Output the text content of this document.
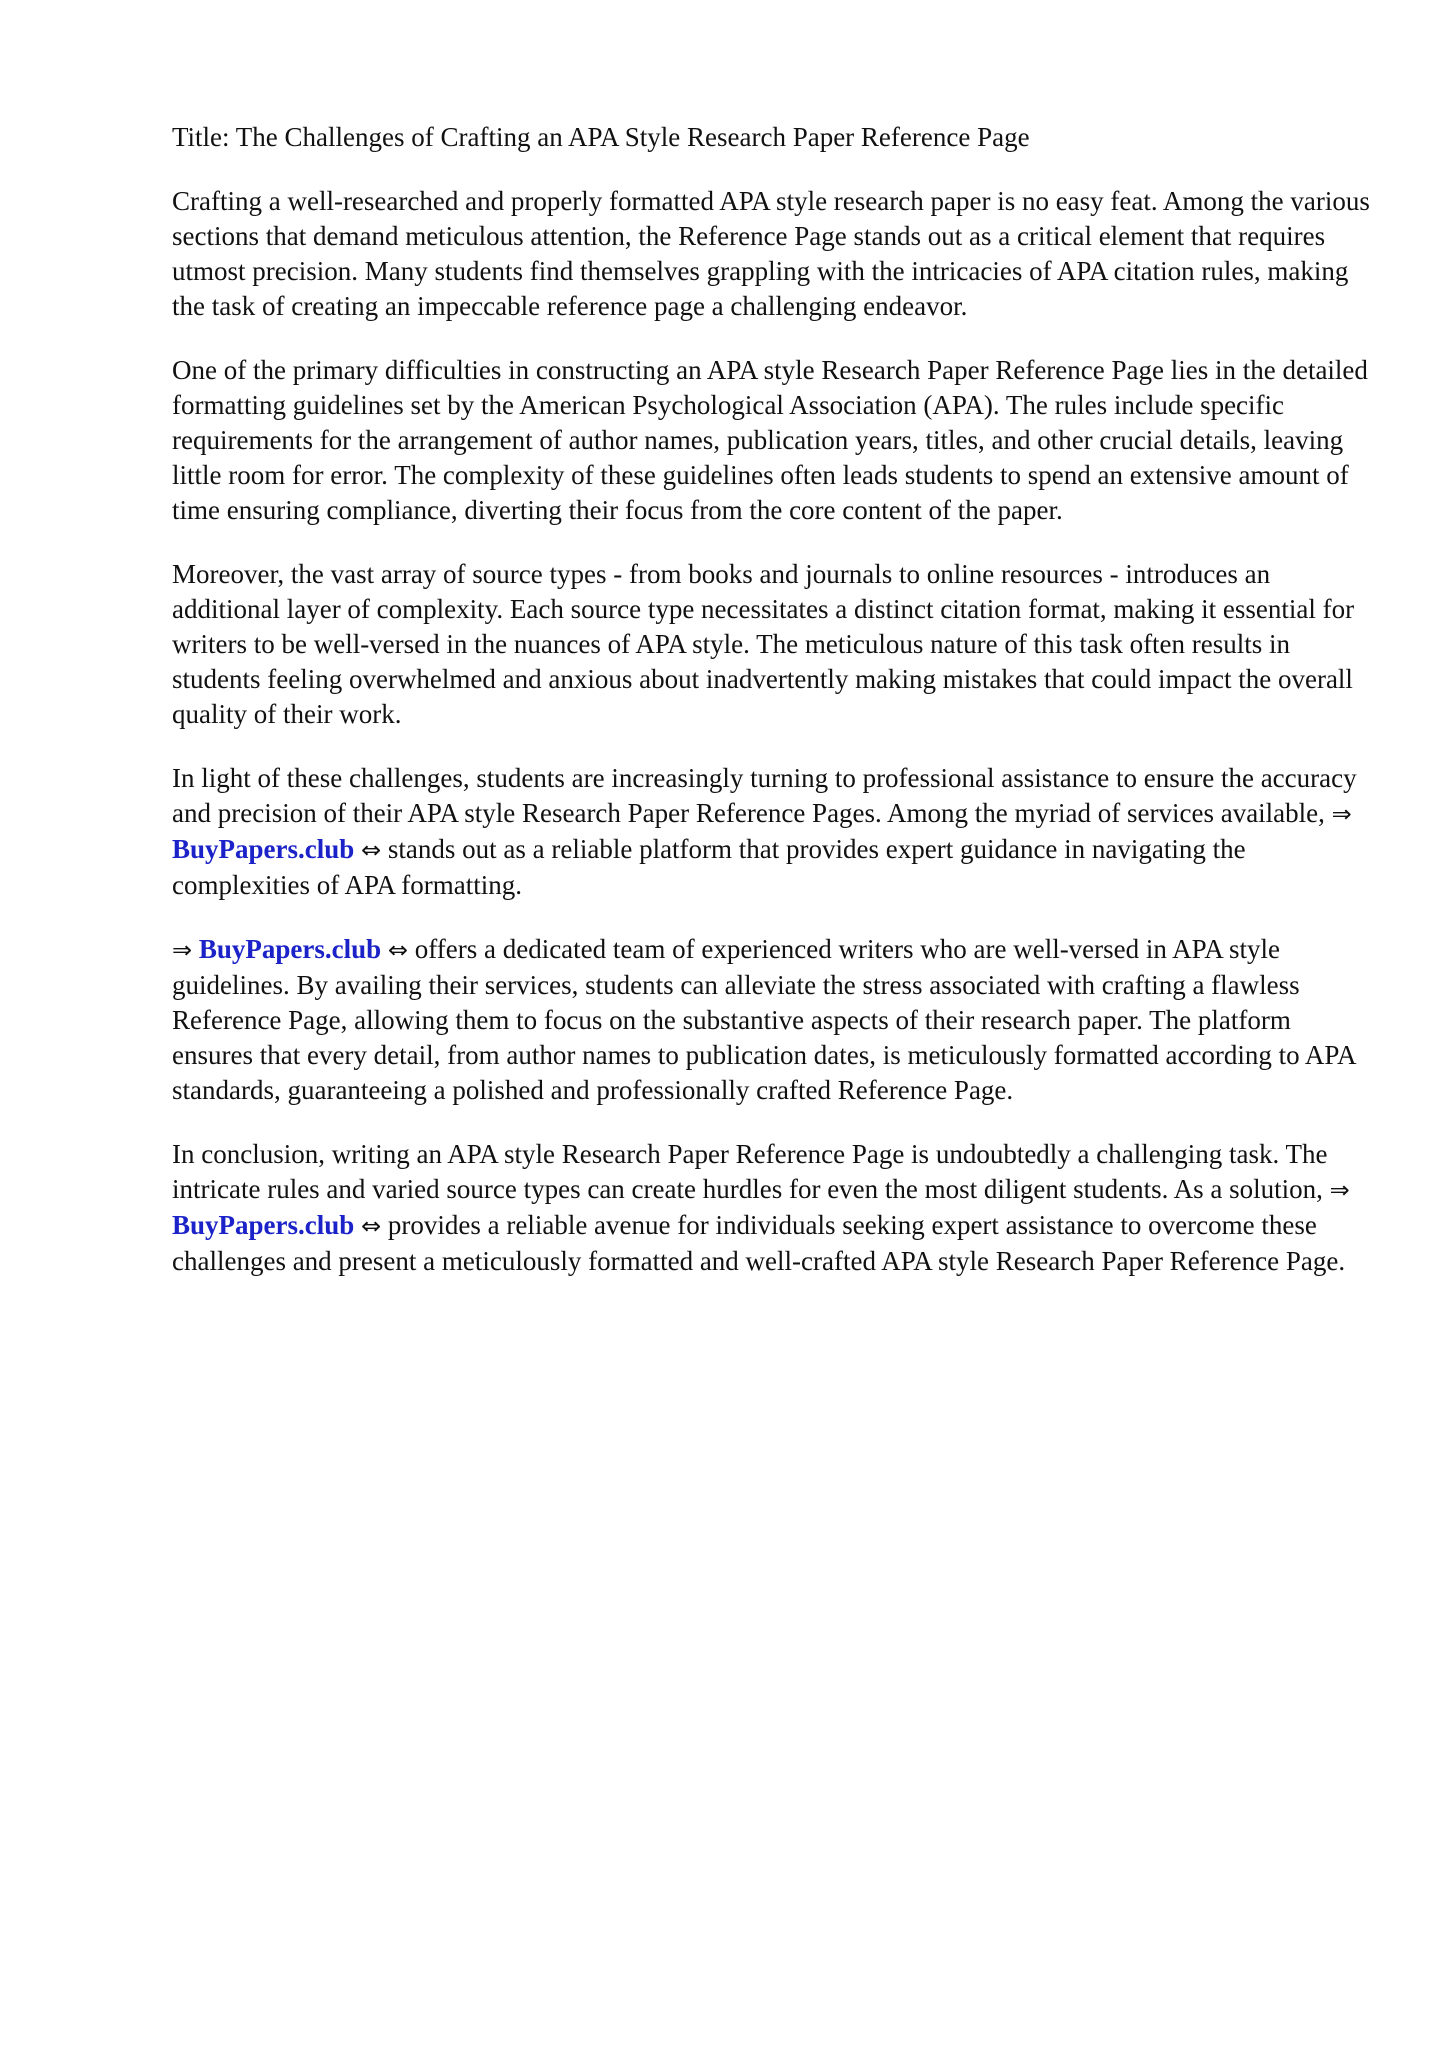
Title: The Challenges of Crafting an APA Style Research Paper Reference Page

Crafting a well-researched and properly formatted APA style research paper is no easy feat. Among the various sections that demand meticulous attention, the Reference Page stands out as a critical element that requires utmost precision. Many students find themselves grappling with the intricacies of APA citation rules, making the task of creating an impeccable reference page a challenging endeavor.

One of the primary difficulties in constructing an APA style Research Paper Reference Page lies in the detailed formatting guidelines set by the American Psychological Association (APA). The rules include specific requirements for the arrangement of author names, publication years, titles, and other crucial details, leaving little room for error. The complexity of these guidelines often leads students to spend an extensive amount of time ensuring compliance, diverting their focus from the core content of the paper.

Moreover, the vast array of source types - from books and journals to online resources - introduces an additional layer of complexity. Each source type necessitates a distinct citation format, making it essential for writers to be well-versed in the nuances of APA style. The meticulous nature of this task often results in students feeling overwhelmed and anxious about inadvertently making mistakes that could impact the overall quality of their work.

In light of these challenges, students are increasingly turning to professional assistance to ensure the accuracy and precision of their APA style Research Paper Reference Pages. Among the myriad of services available, ⇒ BuyPapers.club ⇔ stands out as a reliable platform that provides expert guidance in navigating the complexities of APA formatting.

⇒ BuyPapers.club ⇔ offers a dedicated team of experienced writers who are well-versed in APA style guidelines. By availing their services, students can alleviate the stress associated with crafting a flawless Reference Page, allowing them to focus on the substantive aspects of their research paper. The platform ensures that every detail, from author names to publication dates, is meticulously formatted according to APA standards, guaranteeing a polished and professionally crafted Reference Page.

In conclusion, writing an APA style Research Paper Reference Page is undoubtedly a challenging task. The intricate rules and varied source types can create hurdles for even the most diligent students. As a solution, ⇒ BuyPapers.club ⇔ provides a reliable avenue for individuals seeking expert assistance to overcome these challenges and present a meticulously formatted and well-crafted APA style Research Paper Reference Page.
